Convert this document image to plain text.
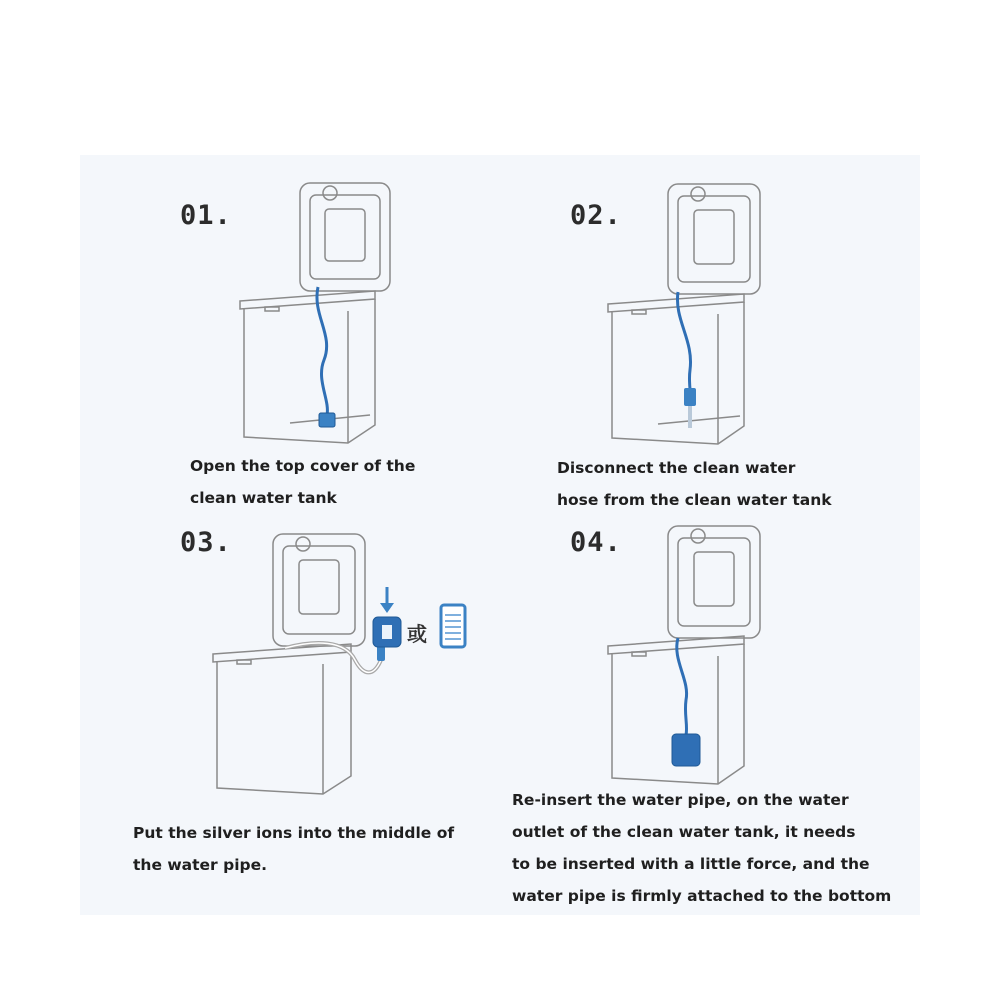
01.
Open the top cover of the
clean water tank
02.
Disconnect the clean water
hose from the clean water tank
03.
或
Put the silver ions into the middle of
the water pipe.
04.
Re-insert the water pipe, on the water
outlet of the clean water tank, it needs
to be inserted with a little force, and the
water pipe is firmly attached to the bottom
